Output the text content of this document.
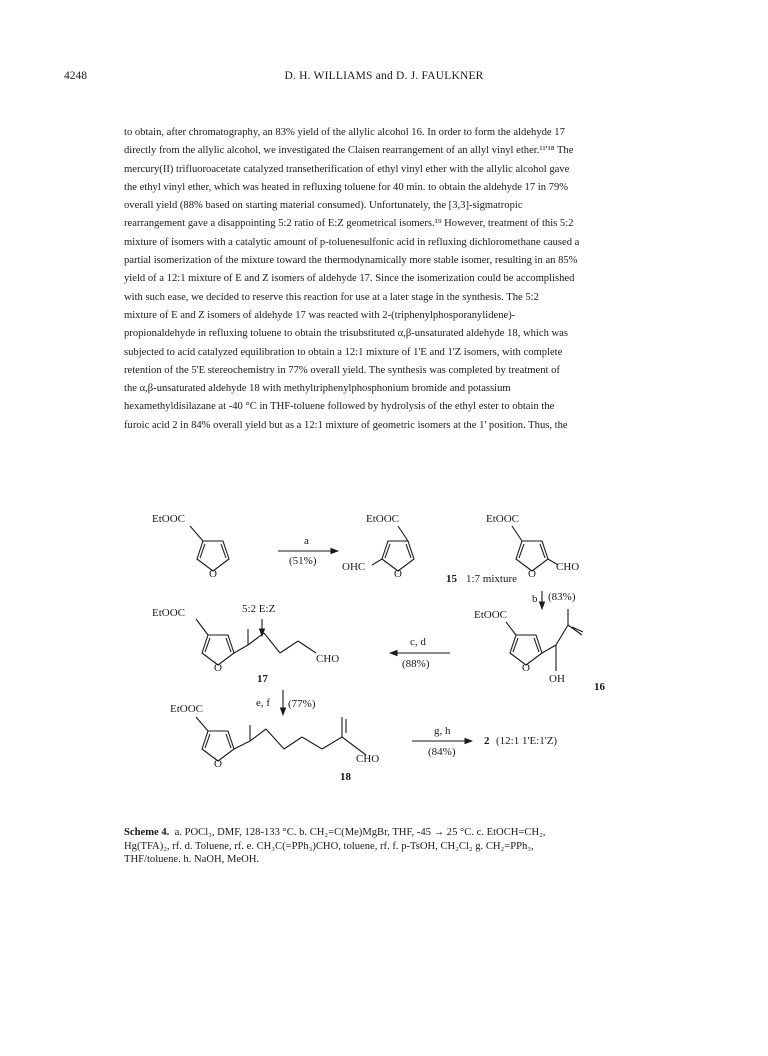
4248	D. H. WILLIAMS and D. J. FAULKNER
to obtain, after chromatography, an 83% yield of the allylic alcohol 16. In order to form the aldehyde 17
directly from the allylic alcohol, we investigated the Claisen rearrangement of an allyl vinyl ether.¹¹'¹⁸ The
mercury(II) trifluoroacetate catalyzed transetherification of ethyl vinyl ether with the allylic alcohol gave
the ethyl vinyl ether, which was heated in refluxing toluene for 40 min. to obtain the aldehyde 17 in 79%
overall yield (88% based on starting material consumed). Unfortunately, the [3,3]-sigmatropic
rearrangement gave a disappointing 5:2 ratio of E:Z geometrical isomers.¹⁹ However, treatment of this 5:2
mixture of isomers with a catalytic amount of p-toluenesulfonic acid in refluxing dichloromethane caused a
partial isomerization of the mixture toward the thermodynamically more stable isomer, resulting in an 85%
yield of a 12:1 mixture of E and Z isomers of aldehyde 17. Since the isomerization could be accomplished
with such ease, we decided to reserve this reaction for use at a later stage in the synthesis. The 5:2
mixture of E and Z isomers of aldehyde 17 was reacted with 2-(triphenylphosporanylidene)-
propionaldehyde in refluxing toluene to obtain the trisubstituted α,β-unsaturated aldehyde 18, which was
subjected to acid catalyzed equilibration to obtain a 12:1 mixture of 1'E and 1'Z isomers, with complete
retention of the 5'E stereochemistry in 77% overall yield. The synthesis was completed by treatment of
the α,β-unsaturated aldehyde 18 with methyltriphenylphosphonium bromide and potassium
hexamethyldisilazane at -40 °C in THF-toluene followed by hydrolysis of the ethyl ester to obtain the
furoic acid 2 in 84% overall yield but as a 12:1 mixture of geometric isomers at the 1' position. Thus, the
EtOOC
O
a
(51%)
EtOOC
OHC
O
EtOOC
O
CHO
15 1:7 mixture
b (83%)
5:2 E:Z
EtOOC
O
CHO
17
c, d
(88%)
EtOOC
O
OH
16
e, f (77%)
EtOOC
O	CHO
18
g, h
(84%)
2 (12:1 1'E:1'Z)
Scheme 4. a. POCl₃, DMF, 128-133 °C. b. CH₂=C(Me)MgBr, THF, -45 → 25 °C. c. EtOCH=CH₂,
Hg(TFA)₂, rf. d. Toluene, rf. e. CH₃C(=PPh₃)CHO, toluene, rf. f. p-TsOH, CH₂Cl₂ g. CH₂=PPh₃,
THF/toluene. h. NaOH, MeOH.
